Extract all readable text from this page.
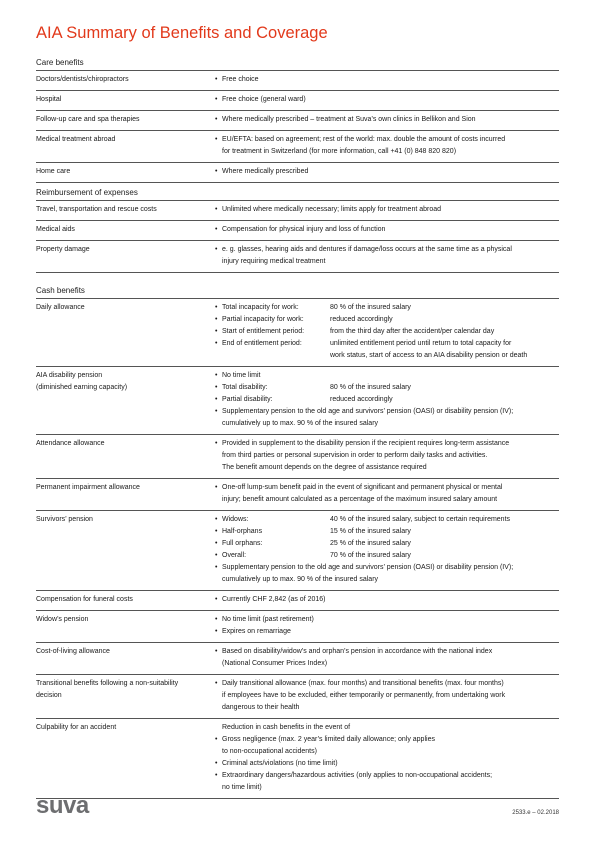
AIA Summary of Benefits and Coverage
Care benefits
Doctors/dentists/chiropractors	• Free choice
Hospital	• Free choice (general ward)
Follow-up care and spa therapies	• Where medically prescribed – treatment at Suva’s own clinics in Bellikon and Sion
Medical treatment abroad	• EU/EFTA: based on agreement; rest of the world: max. double the amount of costs incurred
for treatment in Switzerland (for more information, call +41 (0) 848 820 820)
Home care	• Where medically prescribed
Reimbursement of expenses
Travel, transportation and rescue costs	• Unlimited where medically necessary; limits apply for treatment abroad
Medical aids	• Compensation for physical injury and loss of function
Property damage	• e. g. glasses, hearing aids and dentures if damage/loss occurs at the same time as a physical
injury requiring medical treatment
Cash benefits
Daily allowance	• Total incapacity for work:	80 % of the insured salary
• Partial incapacity for work:	reduced accordingly
• Start of entitlement period:	from the third day after the accident/per calendar day
• End of entitlement period:	unlimited entitlement period until return to total capacity for
work status, start of access to an AIA disability pension or death
AIA disability pension
(diminished earning capacity)
• No time limit
• Total disability:	80 % of the insured salary
• Partial disability:	reduced accordingly
• Supplementary pension to the old age and survivors’ pension (OASI) or disability pension (IV);
cumulatively up to max. 90 % of the insured salary
Attendance allowance	• Provided in supplement to the disability pension if the recipient requires long-term assistance
from third parties or personal supervision in order to perform daily tasks and activities.
The benefit amount depends on the degree of assistance required
Permanent impairment allowance	• One-off lump-sum benefit paid in the event of significant and permanent physical or mental
injury; benefit amount calculated as a percentage of the maximum insured salary amount
Survivors’ pension	• Widows:	40 % of the insured salary, subject to certain requirements
• Half-orphans	15 % of the insured salary
• Full orphans:	25 % of the insured salary
• Overall:	70 % of the insured salary
• Supplementary pension to the old age and survivors’ pension (OASI) or disability pension (IV);
cumulatively up to max. 90 % of the insured salary
Compensation for funeral costs	• Currently CHF 2,842 (as of 2016)
Widow’s pension	• No time limit (past retirement)
• Expires on remarriage
Cost-of-living allowance	• Based on disability/widow’s and orphan’s pension in accordance with the national index
(National Consumer Prices Index)
Transitional benefits following a non-suitability
decision
• Daily transitional allowance (max. four months) and transitional benefits (max. four months)
if employees have to be excluded, either temporarily or permanently, from undertaking work
dangerous to their health
Culpability for an accident	Reduction in cash benefits in the event of
• Gross negligence (max. 2 year’s limited daily allowance; only applies
to non-occupational accidents)
• Criminal acts/violations (no time limit)
• Extraordinary dangers/hazardous activities (only applies to non-occupational accidents;
no time limit)
suva	2533.e – 02.2018
